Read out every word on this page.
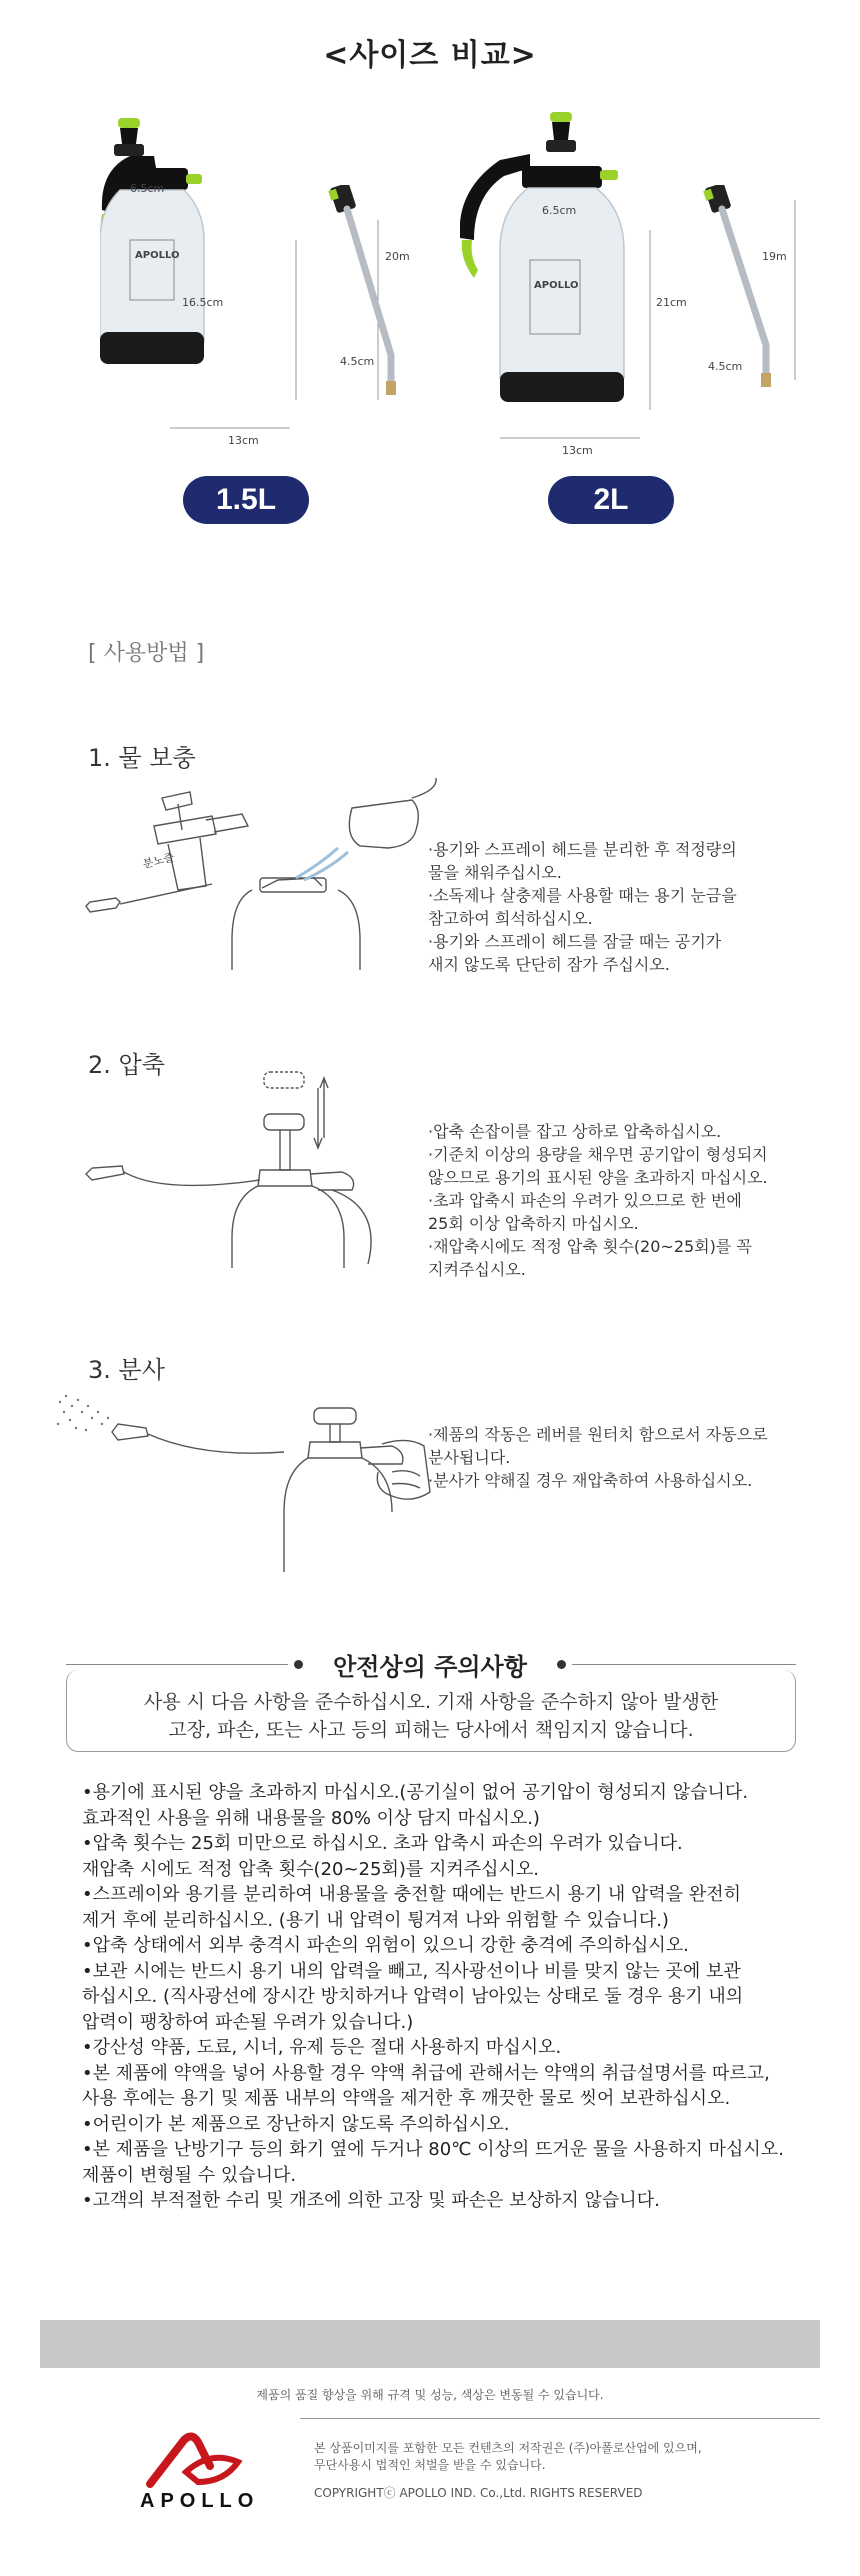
<사이즈 비교>
6.5cm
APOLLO
16.5cm
13cm
20m
4.5cm
1.5L
6.5cm
APOLLO
21cm
13cm
19m
4.5cm
2L
[ 사용방법 ]
1. 물 보충
분노즐
·용기와 스프레이 헤드를 분리한 후 적정량의
물을 채워주십시오.
·소독제나 살충제를 사용할 때는 용기 눈금을
참고하여 희석하십시오.
·용기와 스프레이 헤드를 잠글 때는 공기가
새지 않도록 단단히 잠가 주십시오.
2. 압축
·압축 손잡이를 잡고 상하로 압축하십시오.
·기준치 이상의 용량을 채우면 공기압이 형성되지
않으므로 용기의 표시된 양을 초과하지 마십시오.
·초과 압축시 파손의 우려가 있으므로 한 번에
25회 이상 압축하지 마십시오.
·재압축시에도 적정 압축 횟수(20~25회)를 꼭
지켜주십시오.
3. 분사
·제품의 작동은 레버를 원터치 함으로서 자동으로
분사됩니다.
·분사가 약해질 경우 재압축하여 사용하십시오.
안전상의 주의사항
사용 시 다음 사항을 준수하십시오. 기재 사항을 준수하지 않아 발생한
고장, 파손, 또는 사고 등의 피해는 당사에서 책임지지 않습니다.
•용기에 표시된 양을 초과하지 마십시오.(공기실이 없어 공기압이 형성되지 않습니다.
효과적인 사용을 위해 내용물을 80% 이상 담지 마십시오.)
•압축 횟수는 25회 미만으로 하십시오. 초과 압축시 파손의 우려가 있습니다.
재압축 시에도 적정 압축 횟수(20~25회)를 지켜주십시오.
•스프레이와 용기를 분리하여 내용물을 충전할 때에는 반드시 용기 내 압력을 완전히
제거 후에 분리하십시오. (용기 내 압력이 튕겨져 나와 위험할 수 있습니다.)
•압축 상태에서 외부 충격시 파손의 위험이 있으니 강한 충격에 주의하십시오.
•보관 시에는 반드시 용기 내의 압력을 빼고, 직사광선이나 비를 맞지 않는 곳에 보관
하십시오. (직사광선에 장시간 방치하거나 압력이 남아있는 상태로 둘 경우 용기 내의
압력이 팽창하여 파손될 우려가 있습니다.)
•강산성 약품, 도료, 시너, 유제 등은 절대 사용하지 마십시오.
•본 제품에 약액을 넣어 사용할 경우 약액 취급에 관해서는 약액의 취급설명서를 따르고,
사용 후에는 용기 및 제품 내부의 약액을 제거한 후 깨끗한 물로 씻어 보관하십시오.
•어린이가 본 제품으로 장난하지 않도록 주의하십시오.
•본 제품을 난방기구 등의 화기 옆에 두거나 80℃ 이상의 뜨거운 물을 사용하지 마십시오.
제품이 변형될 수 있습니다.
•고객의 부적절한 수리 및 개조에 의한 고장 및 파손은 보상하지 않습니다.
제품의 품질 향상을 위해 규격 및 성능, 색상은 변동될 수 있습니다.
APOLLO
본 상품이미지를 포함한 모든 컨텐츠의 저작권은 (주)아폴로산업에 있으며,
무단사용시 법적인 처벌을 받을 수 있습니다.
COPYRIGHTⓒ APOLLO IND. Co.,Ltd. RIGHTS RESERVED
